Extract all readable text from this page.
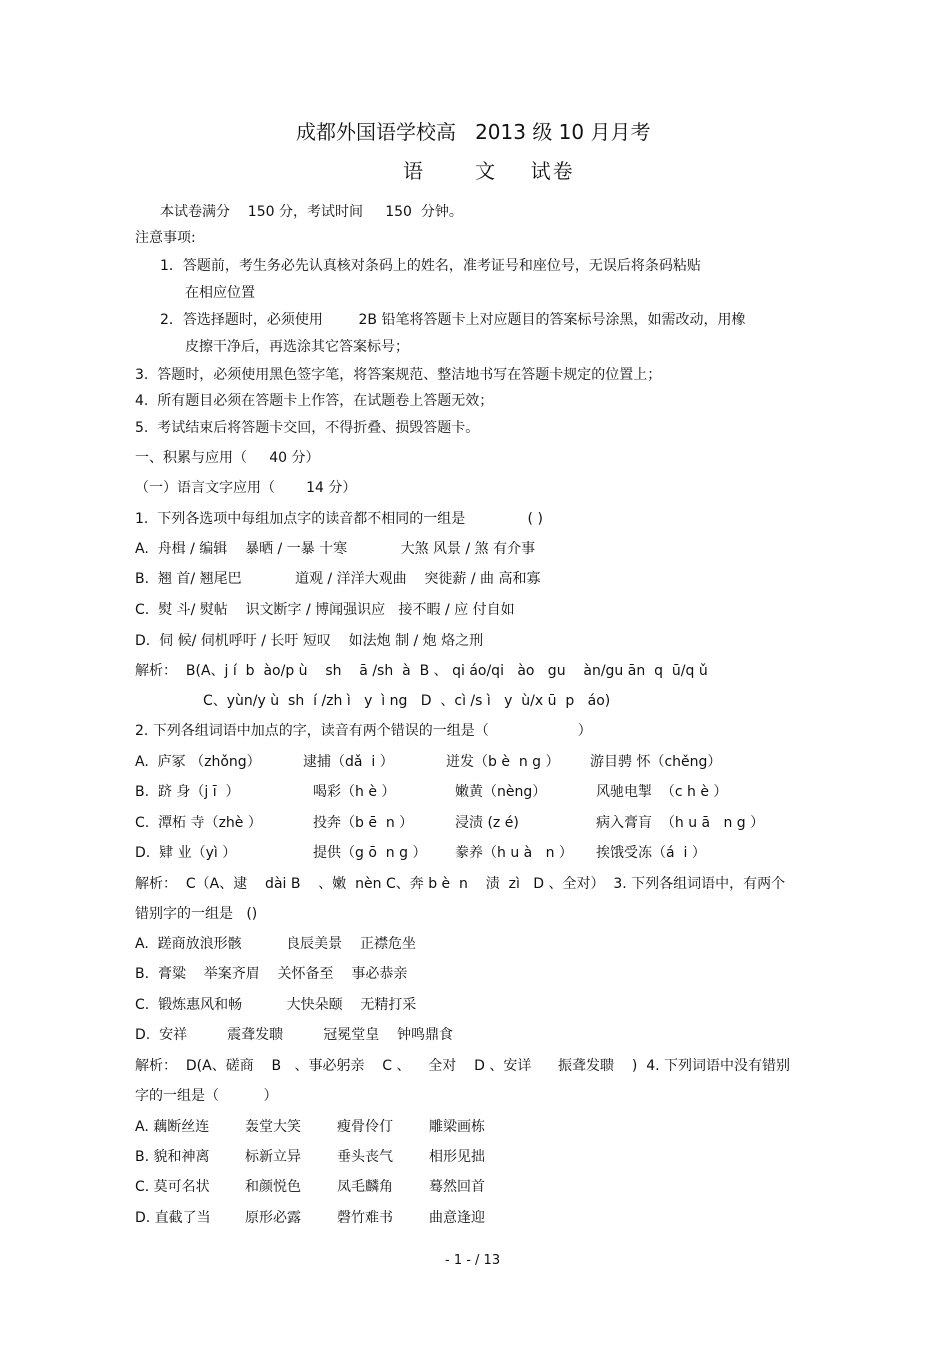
成都外国语学校高   2013 级 10 月月考
语      文    试卷
本试卷满分    150 分，考试时间     150  分钟。
注意事项:
1．答题前，考生务必先认真核对条码上的姓名，准考证号和座位号，无误后将条码粘贴
在相应位置
2．答选择题时，必须使用        2B 铅笔将答题卡上对应题目的答案标号涂黑，如需改动，用橡
皮擦干净后，再选涂其它答案标号；
3.  答题时，必须使用黑色签字笔，将答案规范、整洁地书写在答题卡规定的位置上；
4.  所有题目必须在答题卡上作答，在试题卷上答题无效；
5.  考试结束后将答题卡交回，不得折叠、损毁答题卡。
一、积累与应用（     40 分）
（一）语言文字应用（       14 分）
1.  下列各选项中每组加点字的读音都不相同的一组是              ( )
A.  舟楫 / 编辑    暴晒 / 一暴 十寒            大煞 风景 / 煞 有介事
B.  翘 首/ 翘尾巴            道观 / 洋洋大观曲    突徙薪 / 曲 高和寡
C.  熨 斗/ 熨帖    识文断字 / 博闻强识应   接不暇 / 应 付自如
D.  伺 候/ 伺机呼吁 / 长吁 短叹    如法炮 制 / 炮 烙之刑
解析：  B(A、j í  b  ào/p ù    sh    ā /sh  à  B 、 qi áo/qi   ào   gu    àn/gu ān  q  ū/q ǔ
C、yùn/y ù  sh  í /zh ì   y  ì ng   D  、cì /s ì   y  ù/x ū  p   áo)
2. 下列各组词语中加点的字，读音有两个错误的一组是（                    ）
A.  庐冢 （zhǒng）	逮捕（dǎ  i ）	迸发（b è  n g ） 游目骋 怀（chěng）
B.  跻 身（j ī  ）	喝彩（h è ）	嫩黄（nèng）	风驰电掣  （c h è ）
C.  潭柘 寺（zhè ）	投奔（b ē  n ）	浸渍 (z é)	病入膏肓  （h u ā   n g ）
D.  肄 业（yì ）	提供（g ō  n g ） 豢养（h u à   n ） 挨饿受冻（á  i ）
解析：  C（A、逮    dài B    、嫩  nèn C、奔 b è  n    渍  zì   D 、全对）  3. 下列各组词语中，有两个
错别字的一组是   ()
A.  蹉商放浪形骸          良辰美景    正襟危坐
B.  膏粱    举案齐眉    关怀备至    事必恭亲
C.  锻炼惠风和畅          大快朵颐    无精打采
D.  安祥         震聋发聩         冠冕堂皇    钟鸣鼎食
解析：  D(A、磋商    B   、事必躬亲    C 、    全对    D 、安详      振聋发聩    )  4. 下列词语中没有错别
字的一组是（          ）
A. 藕断丝连	轰堂大笑	瘦骨伶仃	雕梁画栋
B. 貌和神离	标新立异	垂头丧气	相形见拙
C. 莫可名状	和颜悦色	凤毛麟角	蓦然回首
D. 直截了当 原形必露	磬竹难书	曲意逢迎
- 1 - / 13
